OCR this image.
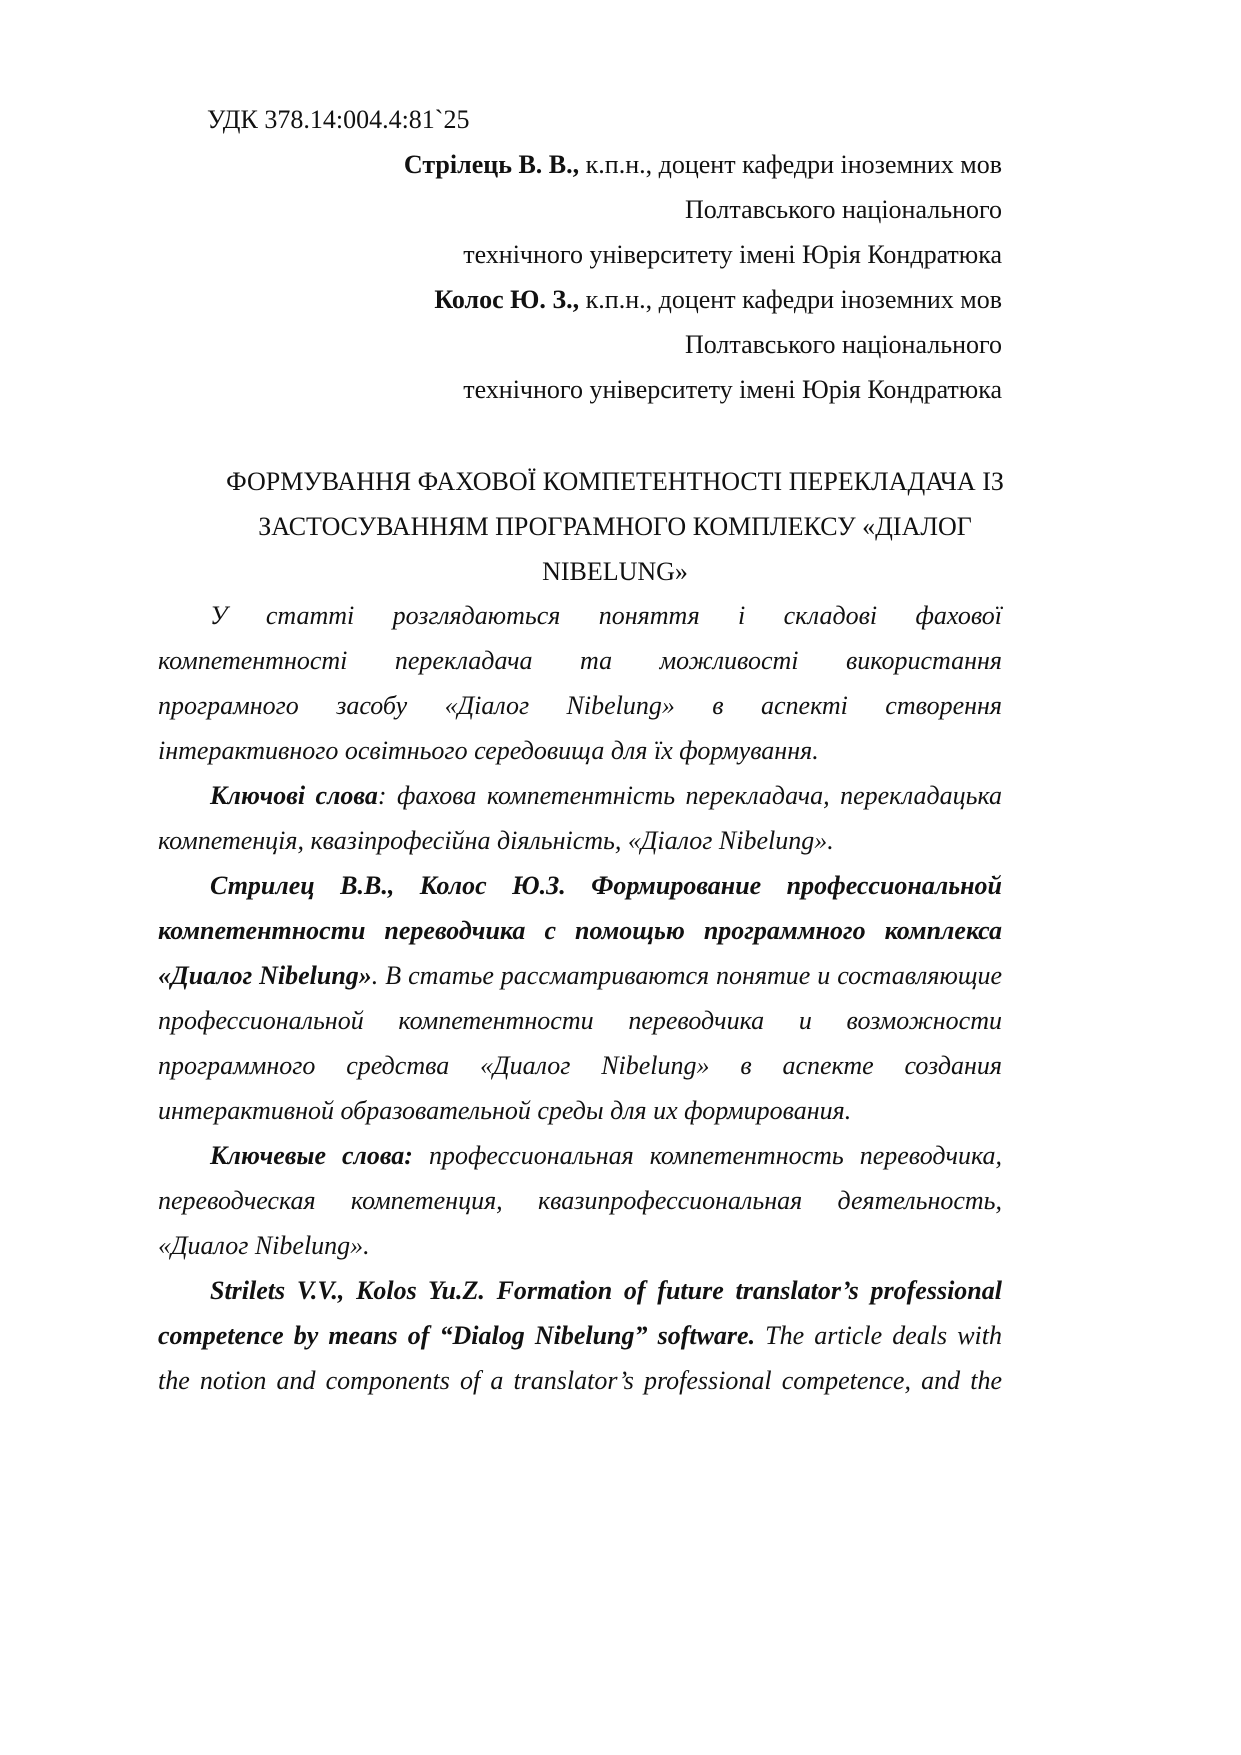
УДК 378.14:004.4:81`25
Стрілець В. В., к.п.н., доцент кафедри іноземних мов
Полтавського національного
технічного університету імені Юрія Кондратюка
Колос Ю. З., к.п.н., доцент кафедри іноземних мов
Полтавського національного
технічного університету імені Юрія Кондратюка
ФОРМУВАННЯ ФАХОВОЇ КОМПЕТЕНТНОСТІ ПЕРЕКЛАДАЧА ІЗ
ЗАСТОСУВАННЯМ ПРОГРАМНОГО КОМПЛЕКСУ «ДІАЛОГ
NIBELUNG»
У статті розглядаються поняття і складові фахової
компетентності перекладача та можливості використання
програмного засобу «Діалог Nibelung» в аспекті створення
інтерактивного освітнього середовища для їх формування.
Ключові слова: фахова компетентність перекладача, перекладацька
компетенція, квазіпрофесійна діяльність, «Діалог Nibelung».
Стрилец В.В., Колос Ю.З. Формирование профессиональной
компетентности переводчика с помощью программного комплекса
«Диалог Nibelung». В статье рассматриваются понятие и составляющие
профессиональной компетентности переводчика и возможности
программного средства «Диалог Nibelung» в аспекте создания
интерактивной образовательной среды для их формирования.
Ключевые слова: профессиональная компетентность переводчика,
переводческая компетенция, квазипрофессиональная деятельность,
«Диалог Nibelung».
Strilets V.V., Kolos Yu.Z. Formation of future translator’s professional
competence by means of “Dialog Nibelung” software. The article deals with
the notion and components of a translator’s professional competence, and the
